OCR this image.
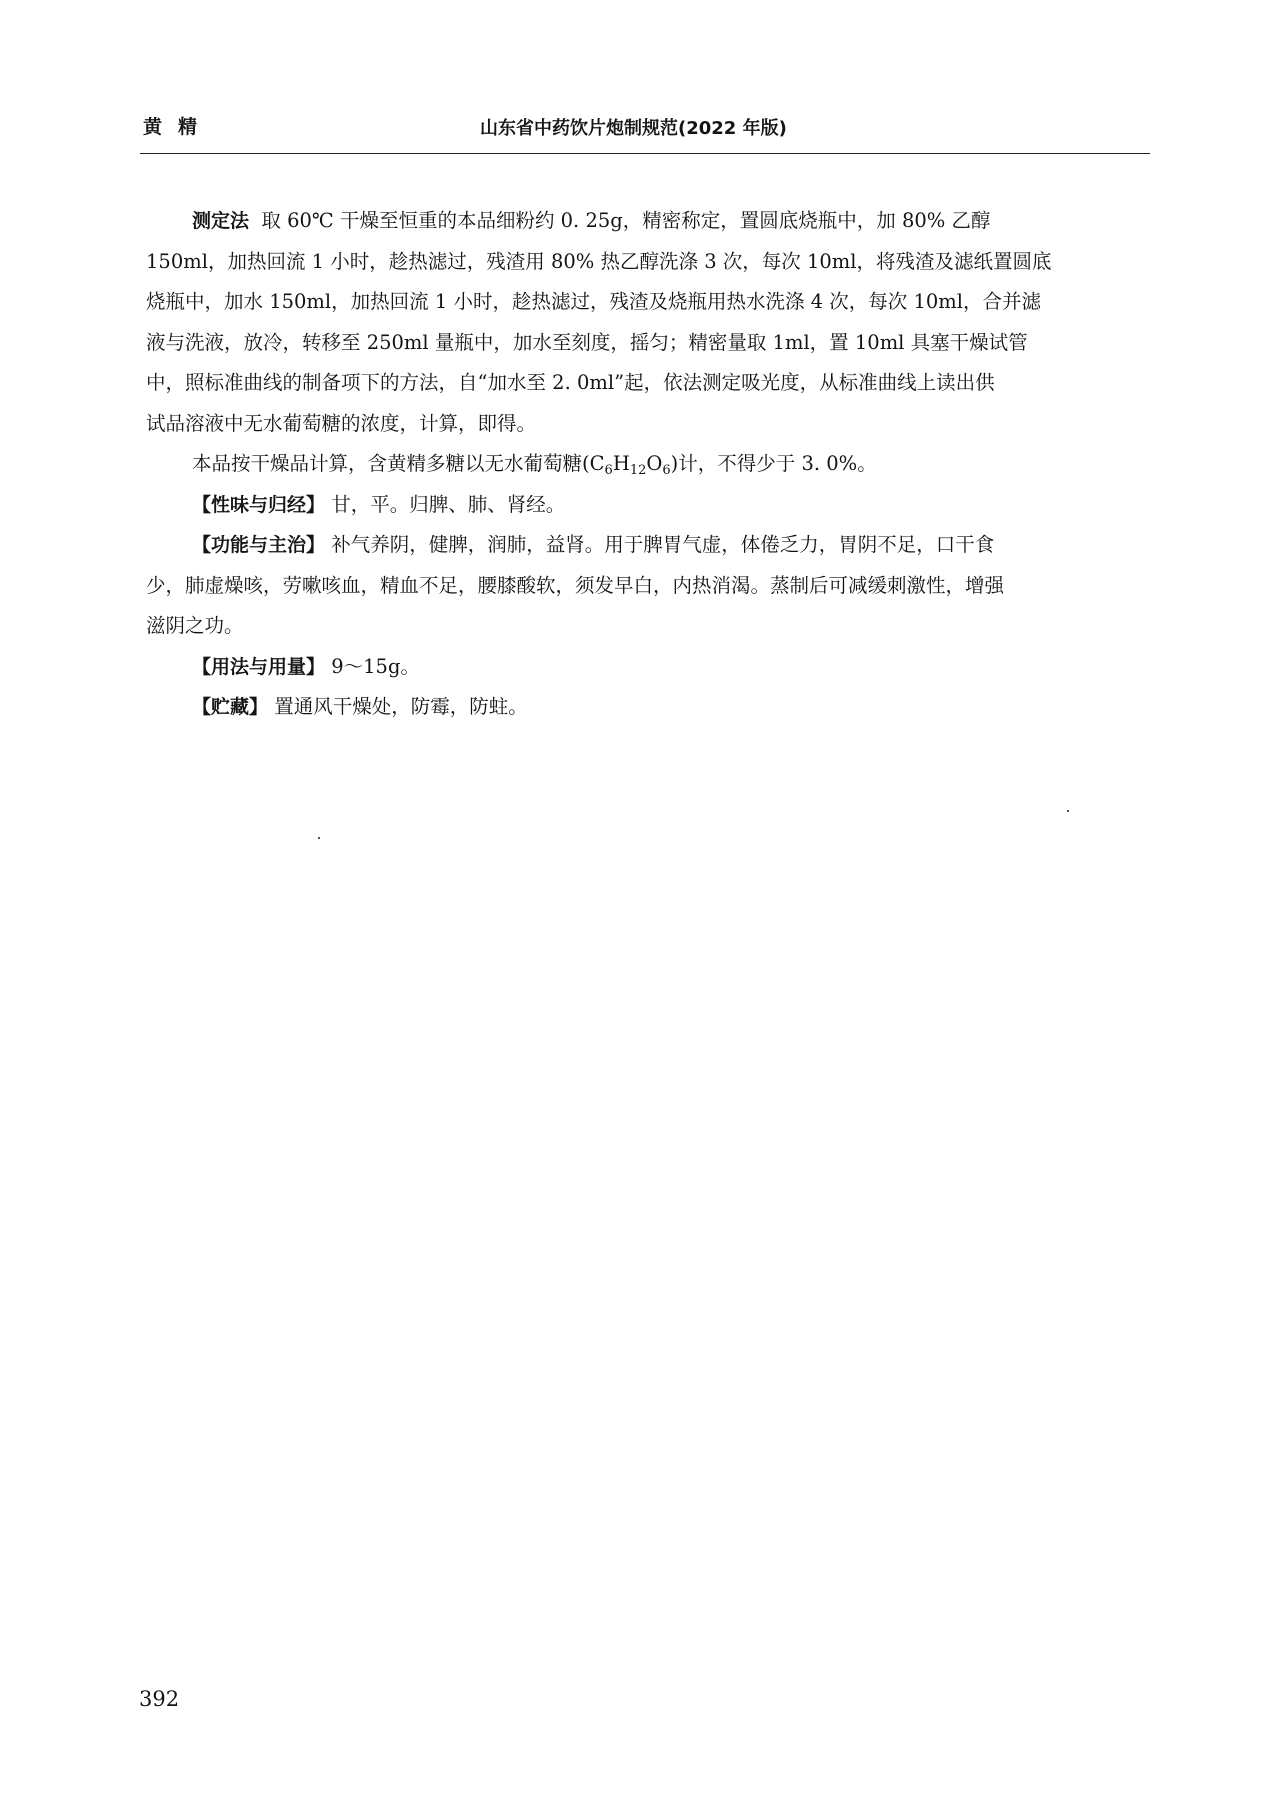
黄 精	山东省中药饮片炮制规范(2022 年版)

测定法 取 60℃ 干燥至恒重的本品细粉约 0. 25g，精密称定，置圆底烧瓶中，加 80% 乙醇
150ml，加热回流 1 小时，趁热滤过，残渣用 80% 热乙醇洗涤 3 次，每次 10ml，将残渣及滤纸置圆底
烧瓶中，加水 150ml，加热回流 1 小时，趁热滤过，残渣及烧瓶用热水洗涤 4 次，每次 10ml，合并滤
液与洗液，放冷，转移至 250ml 量瓶中，加水至刻度，摇匀；精密量取 1ml，置 10ml 具塞干燥试管
中，照标准曲线的制备项下的方法，自“加水至 2. 0ml”起，依法测定吸光度，从标准曲线上读出供
试品溶液中无水葡萄糖的浓度，计算，即得。

本品按干燥品计算，含黄精多糖以无水葡萄糖$(C_6H_{12}O_6)$计，不得少于 3. 0%。

【性味与归经】 甘，平。归脾、肺、肾经。

【功能与主治】 补气养阴，健脾，润肺，益肾。用于脾胃气虚，体倦乏力，胃阴不足，口干食
少，肺虚燥咳，劳嗽咳血，精血不足，腰膝酸软，须发早白，内热消渴。蒸制后可减缓刺激性，增强
滋阴之功。

【用法与用量】 9～15g。

【贮藏】 置通风干燥处，防霉，防蛀。

392
